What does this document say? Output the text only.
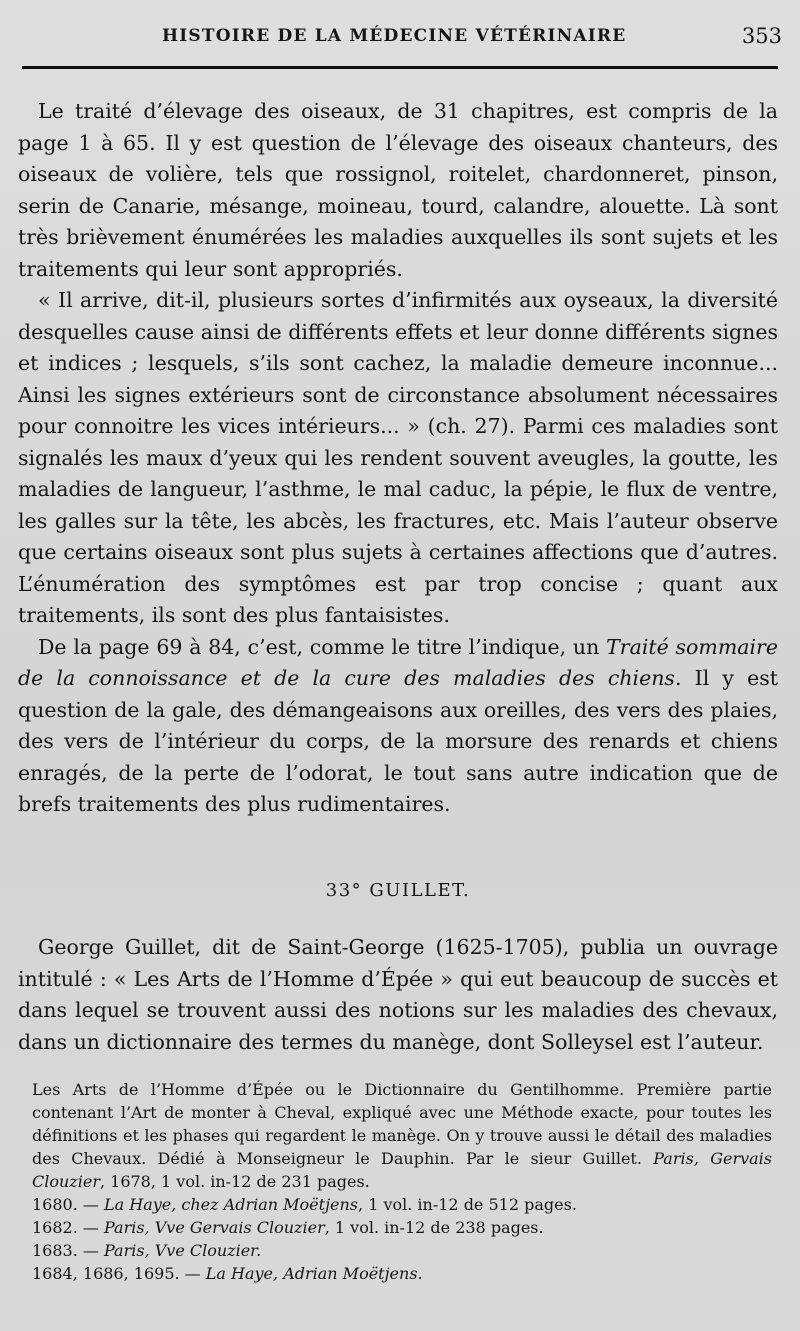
HISTOIRE DE LA MÉDECINE VÉTÉRINAIRE	353

Le traité d’élevage des oiseaux, de 31 chapitres, est compris de la page 1 à 65. Il y est question de l’élevage des oiseaux chanteurs, des oiseaux de volière, tels que rossignol, roitelet, chardonneret, pinson, serin de Canarie, mésange, moineau, tourd, calandre, alouette. Là sont très brièvement énumérées les maladies auxquelles ils sont sujets et les traitements qui leur sont appropriés.

« Il arrive, dit-il, plusieurs sortes d’infirmités aux oyseaux, la diversité desquelles cause ainsi de différents effets et leur donne différents signes et indices ; lesquels, s’ils sont cachez, la maladie demeure inconnue... Ainsi les signes extérieurs sont de circonstance absolument nécessaires pour connoitre les vices intérieurs... » (ch. 27). Parmi ces maladies sont signalés les maux d’yeux qui les rendent souvent aveugles, la goutte, les maladies de langueur, l’asthme, le mal caduc, la pépie, le flux de ventre, les galles sur la tête, les abcès, les fractures, etc. Mais l’auteur observe que certains oiseaux sont plus sujets à certaines affections que d’autres. L’énumération des symptômes est par trop concise ; quant aux traitements, ils sont des plus fantaisistes.

De la page 69 à 84, c’est, comme le titre l’indique, un Traité sommaire de la connoissance et de la cure des maladies des chiens. Il y est question de la gale, des démangeaisons aux oreilles, des vers des plaies, des vers de l’intérieur du corps, de la morsure des renards et chiens enragés, de la perte de l’odorat, le tout sans autre indication que de brefs traitements des plus rudimentaires.

33° GUILLET.

George Guillet, dit de Saint-George (1625-1705), publia un ouvrage intitulé : « Les Arts de l’Homme d’Épée » qui eut beaucoup de succès et dans lequel se trouvent aussi des notions sur les maladies des chevaux, dans un dictionnaire des termes du manège, dont Solleysel est l’auteur.

Les Arts de l’Homme d’Épée ou le Dictionnaire du Gentilhomme. Première partie contenant l’Art de monter à Cheval, expliqué avec une Méthode exacte, pour toutes les définitions et les phases qui regardent le manège. On y trouve aussi le détail des maladies des Chevaux. Dédié à Monseigneur le Dauphin. Par le sieur Guillet. Paris, Gervais Clouzier, 1678, 1 vol. in-12 de 231 pages.

1680. — La Haye, chez Adrian Moëtjens, 1 vol. in-12 de 512 pages.

1682. — Paris, Vve Gervais Clouzier, 1 vol. in-12 de 238 pages.

1683. — Paris, Vve Clouzier.

1684, 1686, 1695. — La Haye, Adrian Moëtjens.
